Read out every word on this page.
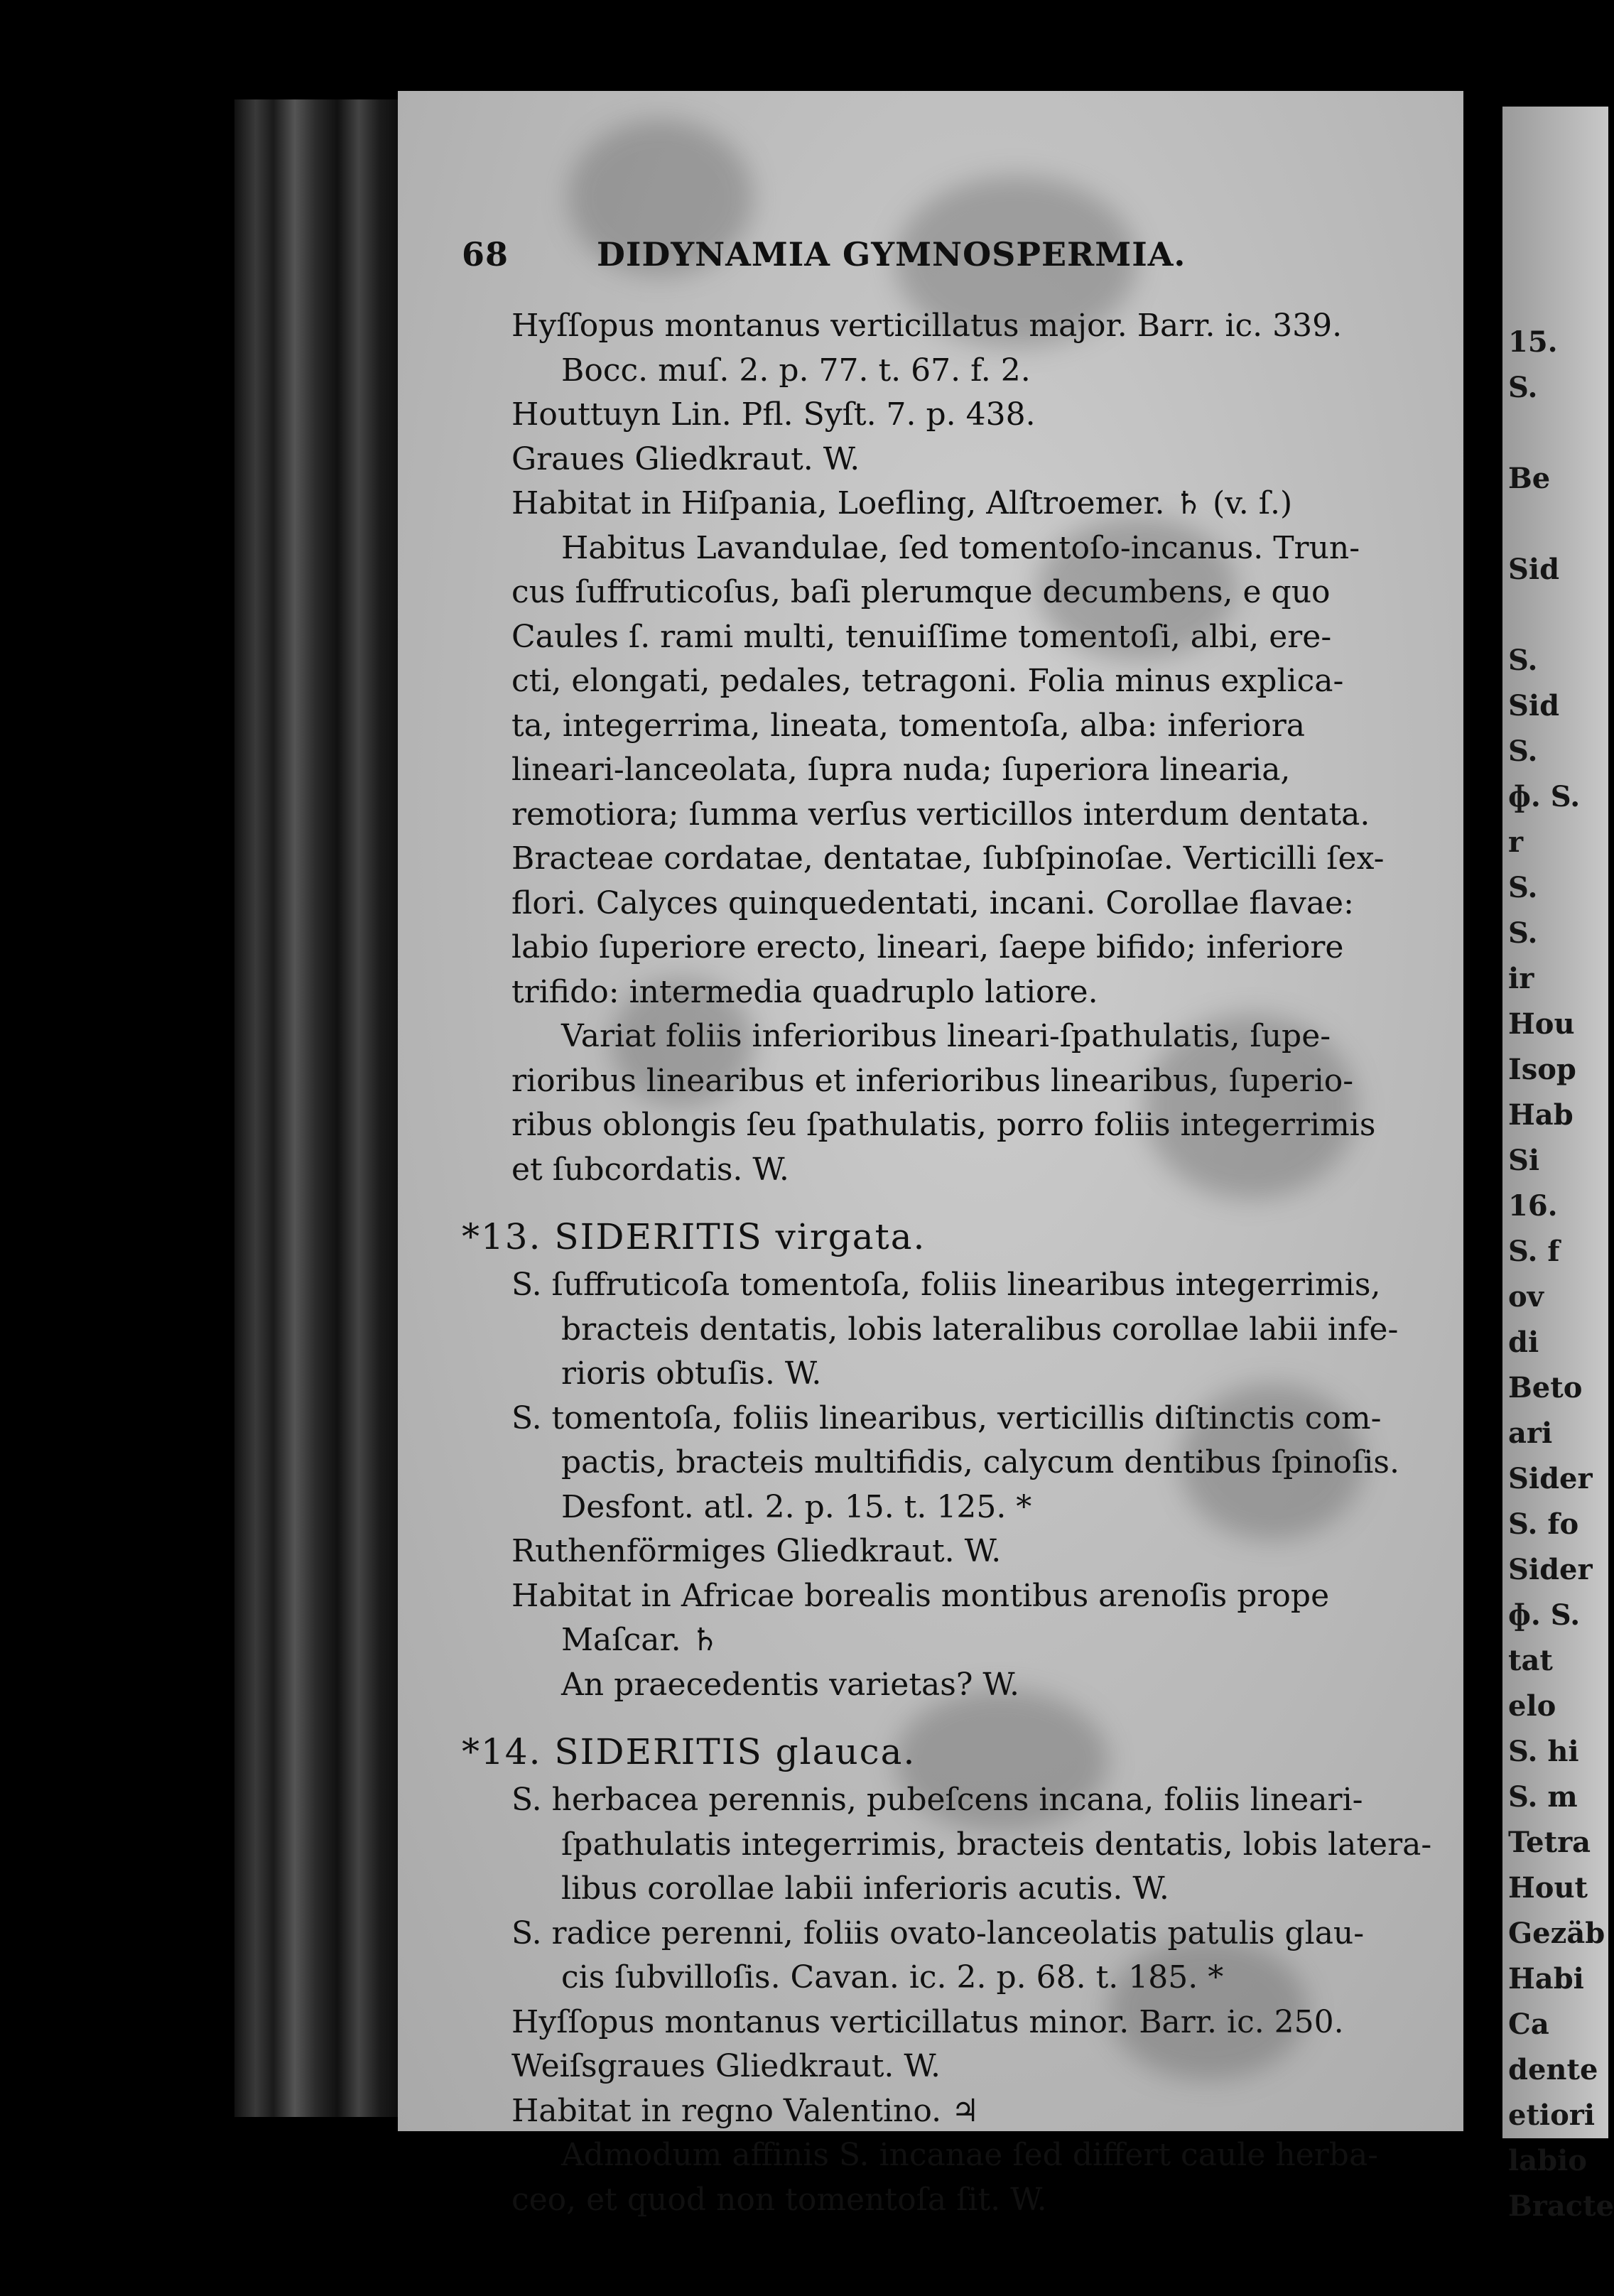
68	DIDYNAMIA GYMNOSPERMIA.
Hyſſopus montanus verticillatus major. Barr. ic. 339.
Bocc. muſ. 2. p. 77. t. 67. f. 2.
Houttuyn Lin. Pfl. Syſt. 7. p. 438.
Graues Gliedkraut. W.
Habitat in Hiſpania, Loefling, Alſtroemer. ♄ (v. ſ.)
Habitus Lavandulae, ſed tomentoſo-incanus. Trun-
cus ſuffruticoſus, baſi plerumque decumbens, e quo
Caules ſ. rami multi, tenuiſſime tomentoſi, albi, ere-
cti, elongati, pedales, tetragoni. Folia minus explica-
ta, integerrima, lineata, tomentoſa, alba: inferiora
lineari-lanceolata, ſupra nuda; ſuperiora linearia,
remotiora; ſumma verſus verticillos interdum dentata.
Bracteae cordatae, dentatae, ſubſpinoſae. Verticilli ſex-
flori. Calyces quinquedentati, incani. Corollae flavae:
labio ſuperiore erecto, lineari, ſaepe bifido; inferiore
trifido: intermedia quadruplo latiore.
Variat foliis inferioribus lineari-ſpathulatis, ſupe-
rioribus linearibus et inferioribus linearibus, ſuperio-
ribus oblongis ſeu ſpathulatis, porro foliis integerrimis
et ſubcordatis. W.
*13. SIDERITIS virgata.
S. ſuffruticoſa tomentoſa, foliis linearibus integerrimis,
bracteis dentatis, lobis lateralibus corollae labii infe-
rioris obtuſis. W.
S. tomentoſa, foliis linearibus, verticillis diſtinctis com-
pactis, bracteis multifidis, calycum dentibus ſpinoſis.
Desfont. atl. 2. p. 15. t. 125. *
Ruthenförmiges Gliedkraut. W.
Habitat in Africae borealis montibus arenoſis prope
Maſcar. ♄
An praecedentis varietas? W.
*14. SIDERITIS glauca.
S. herbacea perennis, pubeſcens incana, foliis lineari-
ſpathulatis integerrimis, bracteis dentatis, lobis latera-
libus corollae labii inferioris acutis. W.
S. radice perenni, foliis ovato-lanceolatis patulis glau-
cis ſubvilloſis. Cavan. ic. 2. p. 68. t. 185. *
Hyſſopus montanus verticillatus minor. Barr. ic. 250.
Weiſsgraues Gliedkraut. W.
Habitat in regno Valentino. ♃
Admodum affinis S. incanae ſed differt caule herba-
ceo, et quod non tomentoſa ſit. W.
15.
S.
Be
Sid
S.
Sid
S.
ɸ. S.
r
S.
S.
ir
Hou
Isop
Hab
Si
16.
S. f
ov
di
Beto
ari
Sider
S. fo
Sider
ɸ. S.
tat
elo
S. hi
S. m
Tetra
Hout
Gezäb
Habi
Ca
dente
etiori
labio
Bracte
